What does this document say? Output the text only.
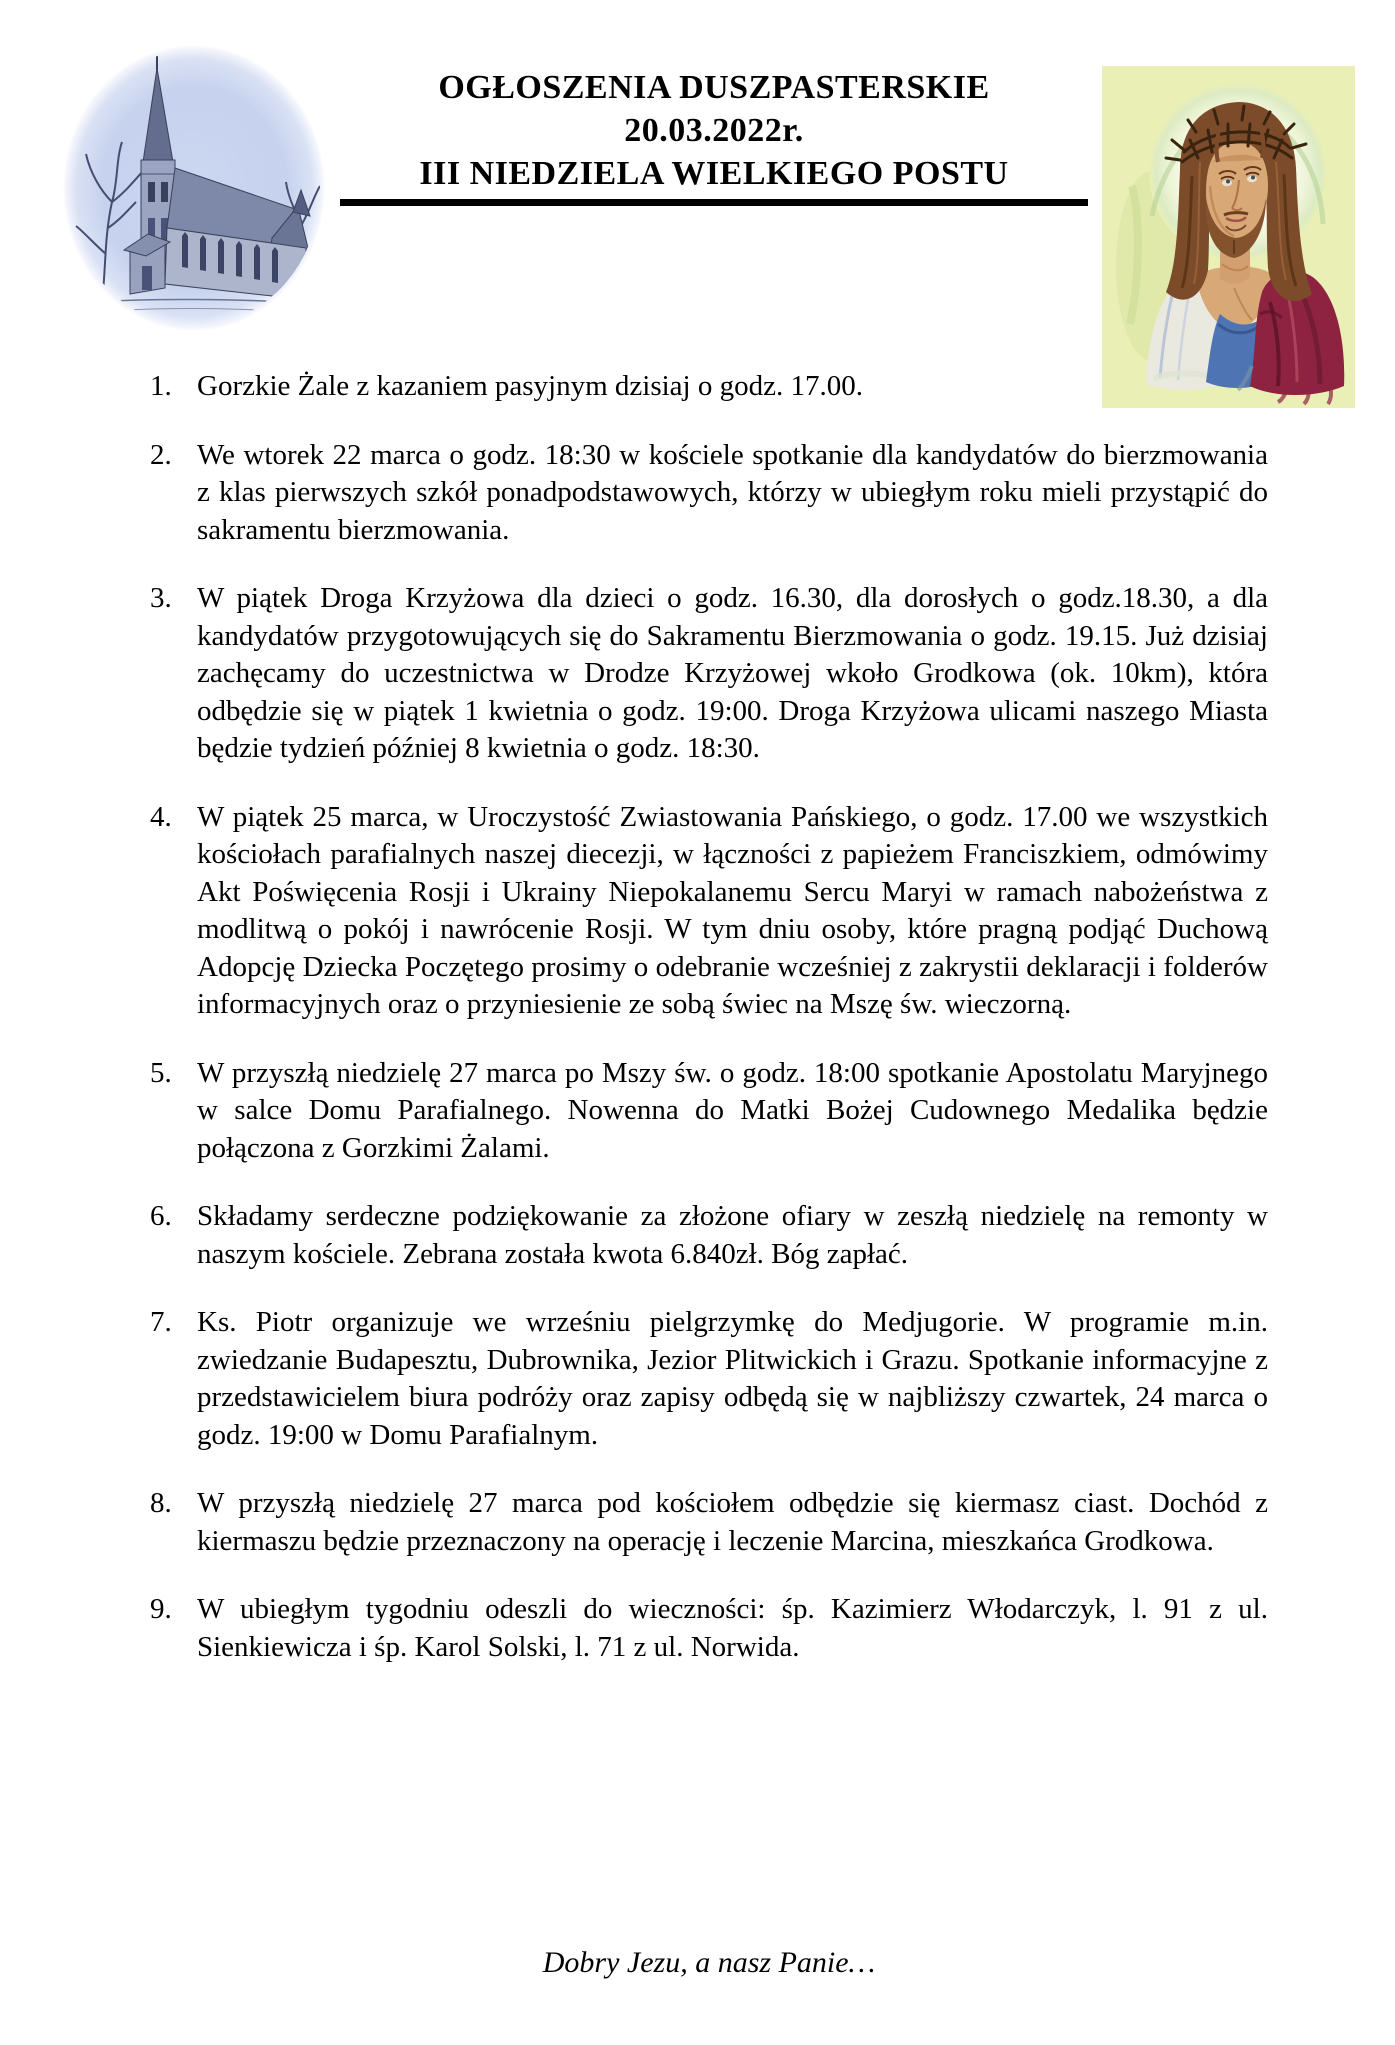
OGŁOSZENIA DUSZPASTERSKIE
20.03.2022r.
III NIEDZIELA WIELKIEGO POSTU
1. Gorzkie Żale z kazaniem pasyjnym dzisiaj o godz. 17.00.
2. We wtorek 22 marca o godz. 18:30 w kościele spotkanie dla kandydatów do bierzmowania z klas pierwszych szkół ponadpodstawowych, którzy w ubiegłym roku mieli przystąpić do sakramentu bierzmowania.
3. W piątek Droga Krzyżowa dla dzieci o godz. 16.30, dla dorosłych o godz.18.30, a dla kandydatów przygotowujących się do Sakramentu Bierzmowania o godz. 19.15. Już dzisiaj zachęcamy do uczestnictwa w Drodze Krzyżowej wkoło Grodkowa (ok. 10km), która odbędzie się w piątek 1 kwietnia o godz. 19:00. Droga Krzyżowa ulicami naszego Miasta będzie tydzień później 8 kwietnia o godz. 18:30.
4. W piątek 25 marca, w Uroczystość Zwiastowania Pańskiego, o godz. 17.00 we wszystkich kościołach parafialnych naszej diecezji, w łączności z papieżem Franciszkiem, odmówimy Akt Poświęcenia Rosji i Ukrainy Niepokalanemu Sercu Maryi w ramach nabożeństwa z modlitwą o pokój i nawrócenie Rosji. W tym dniu osoby, które pragną podjąć Duchową Adopcję Dziecka Poczętego prosimy o odebranie wcześniej z zakrystii deklaracji i folderów informacyjnych oraz o przyniesienie ze sobą świec na Mszę św. wieczorną.
5. W przyszłą niedzielę 27 marca po Mszy św. o godz. 18:00 spotkanie Apostolatu Maryjnego w salce Domu Parafialnego. Nowenna do Matki Bożej Cudownego Medalika będzie połączona z Gorzkimi Żalami.
6. Składamy serdeczne podziękowanie za złożone ofiary w zeszłą niedzielę na remonty w naszym kościele. Zebrana została kwota 6.840zł. Bóg zapłać.
7. Ks. Piotr organizuje we wrześniu pielgrzymkę do Medjugorie. W programie m.in. zwiedzanie Budapesztu, Dubrownika, Jezior Plitwickich i Grazu. Spotkanie informacyjne z przedstawicielem biura podróży oraz zapisy odbędą się w najbliższy czwartek, 24 marca o godz. 19:00 w Domu Parafialnym.
8. W przyszłą niedzielę 27 marca pod kościołem odbędzie się kiermasz ciast. Dochód z kiermaszu będzie przeznaczony na operację i leczenie Marcina, mieszkańca Grodkowa.
9. W ubiegłym tygodniu odeszli do wieczności: śp. Kazimierz Włodarczyk, l. 91 z ul. Sienkiewicza i śp. Karol Solski, l. 71 z ul. Norwida.
Dobry Jezu, a nasz Panie…
